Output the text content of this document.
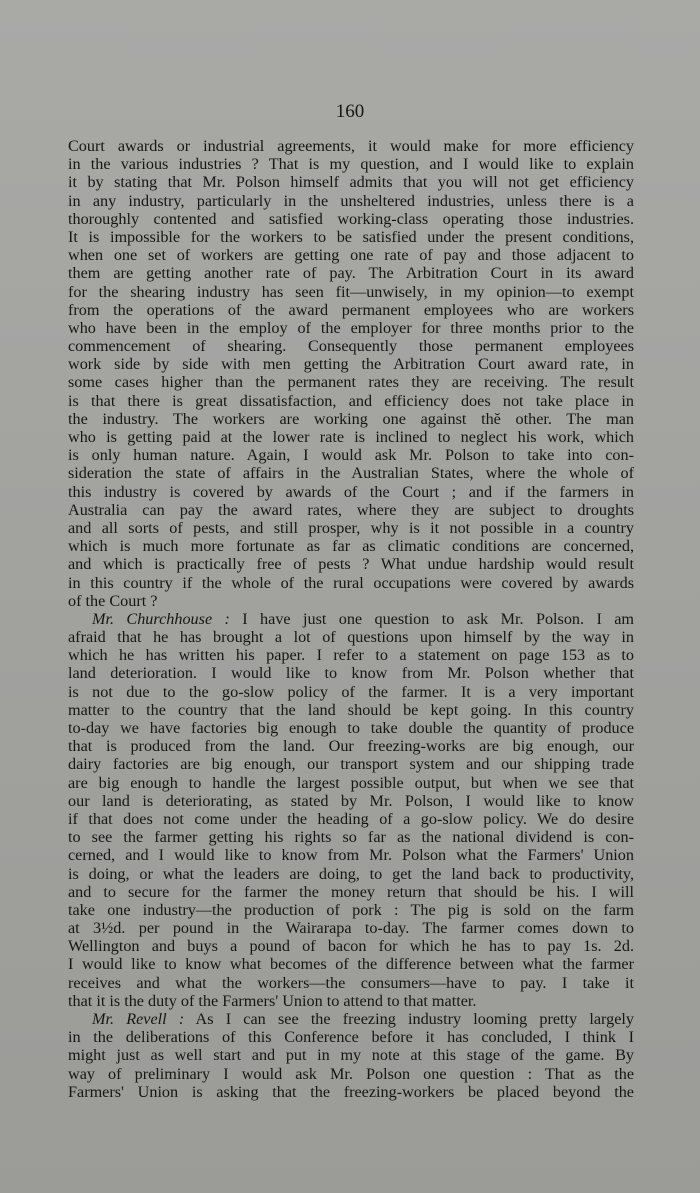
160
Court awards or industrial agreements, it would make for more efficiency
in the various industries ? That is my question, and I would like to explain
it by stating that Mr. Polson himself admits that you will not get efficiency
in any industry, particularly in the unsheltered industries, unless there is a
thoroughly contented and satisfied working-class operating those industries.
It is impossible for the workers to be satisfied under the present conditions,
when one set of workers are getting one rate of pay and those adjacent to
them are getting another rate of pay. The Arbitration Court in its award
for the shearing industry has seen fit—unwisely, in my opinion—to exempt
from the operations of the award permanent employees who are workers
who have been in the employ of the employer for three months prior to the
commencement of shearing. Consequently those permanent employees
work side by side with men getting the Arbitration Court award rate, in
some cases higher than the permanent rates they are receiving. The result
is that there is great dissatisfaction, and efficiency does not take place in
the industry. The workers are working one against thĕ other. The man
who is getting paid at the lower rate is inclined to neglect his work, which
is only human nature. Again, I would ask Mr. Polson to take into con-
sideration the state of affairs in the Australian States, where the whole of
this industry is covered by awards of the Court ; and if the farmers in
Australia can pay the award rates, where they are subject to droughts
and all sorts of pests, and still prosper, why is it not possible in a country
which is much more fortunate as far as climatic conditions are concerned,
and which is practically free of pests ? What undue hardship would result
in this country if the whole of the rural occupations were covered by awards
of the Court ?
Mr. Churchhouse : I have just one question to ask Mr. Polson. I am
afraid that he has brought a lot of questions upon himself by the way in
which he has written his paper. I refer to a statement on page 153 as to
land deterioration. I would like to know from Mr. Polson whether that
is not due to the go-slow policy of the farmer. It is a very important
matter to the country that the land should be kept going. In this country
to-day we have factories big enough to take double the quantity of produce
that is produced from the land. Our freezing-works are big enough, our
dairy factories are big enough, our transport system and our shipping trade
are big enough to handle the largest possible output, but when we see that
our land is deteriorating, as stated by Mr. Polson, I would like to know
if that does not come under the heading of a go-slow policy. We do desire
to see the farmer getting his rights so far as the national dividend is con-
cerned, and I would like to know from Mr. Polson what the Farmers' Union
is doing, or what the leaders are doing, to get the land back to productivity,
and to secure for the farmer the money return that should be his. I will
take one industry—the production of pork : The pig is sold on the farm
at 3½d. per pound in the Wairarapa to-day. The farmer comes down to
Wellington and buys a pound of bacon for which he has to pay 1s. 2d.
I would like to know what becomes of the difference between what the farmer
receives and what the workers—the consumers—have to pay. I take it
that it is the duty of the Farmers' Union to attend to that matter.
Mr. Revell : As I can see the freezing industry looming pretty largely
in the deliberations of this Conference before it has concluded, I think I
might just as well start and put in my note at this stage of the game. By
way of preliminary I would ask Mr. Polson one question : That as the
Farmers' Union is asking that the freezing-workers be placed beyond the
